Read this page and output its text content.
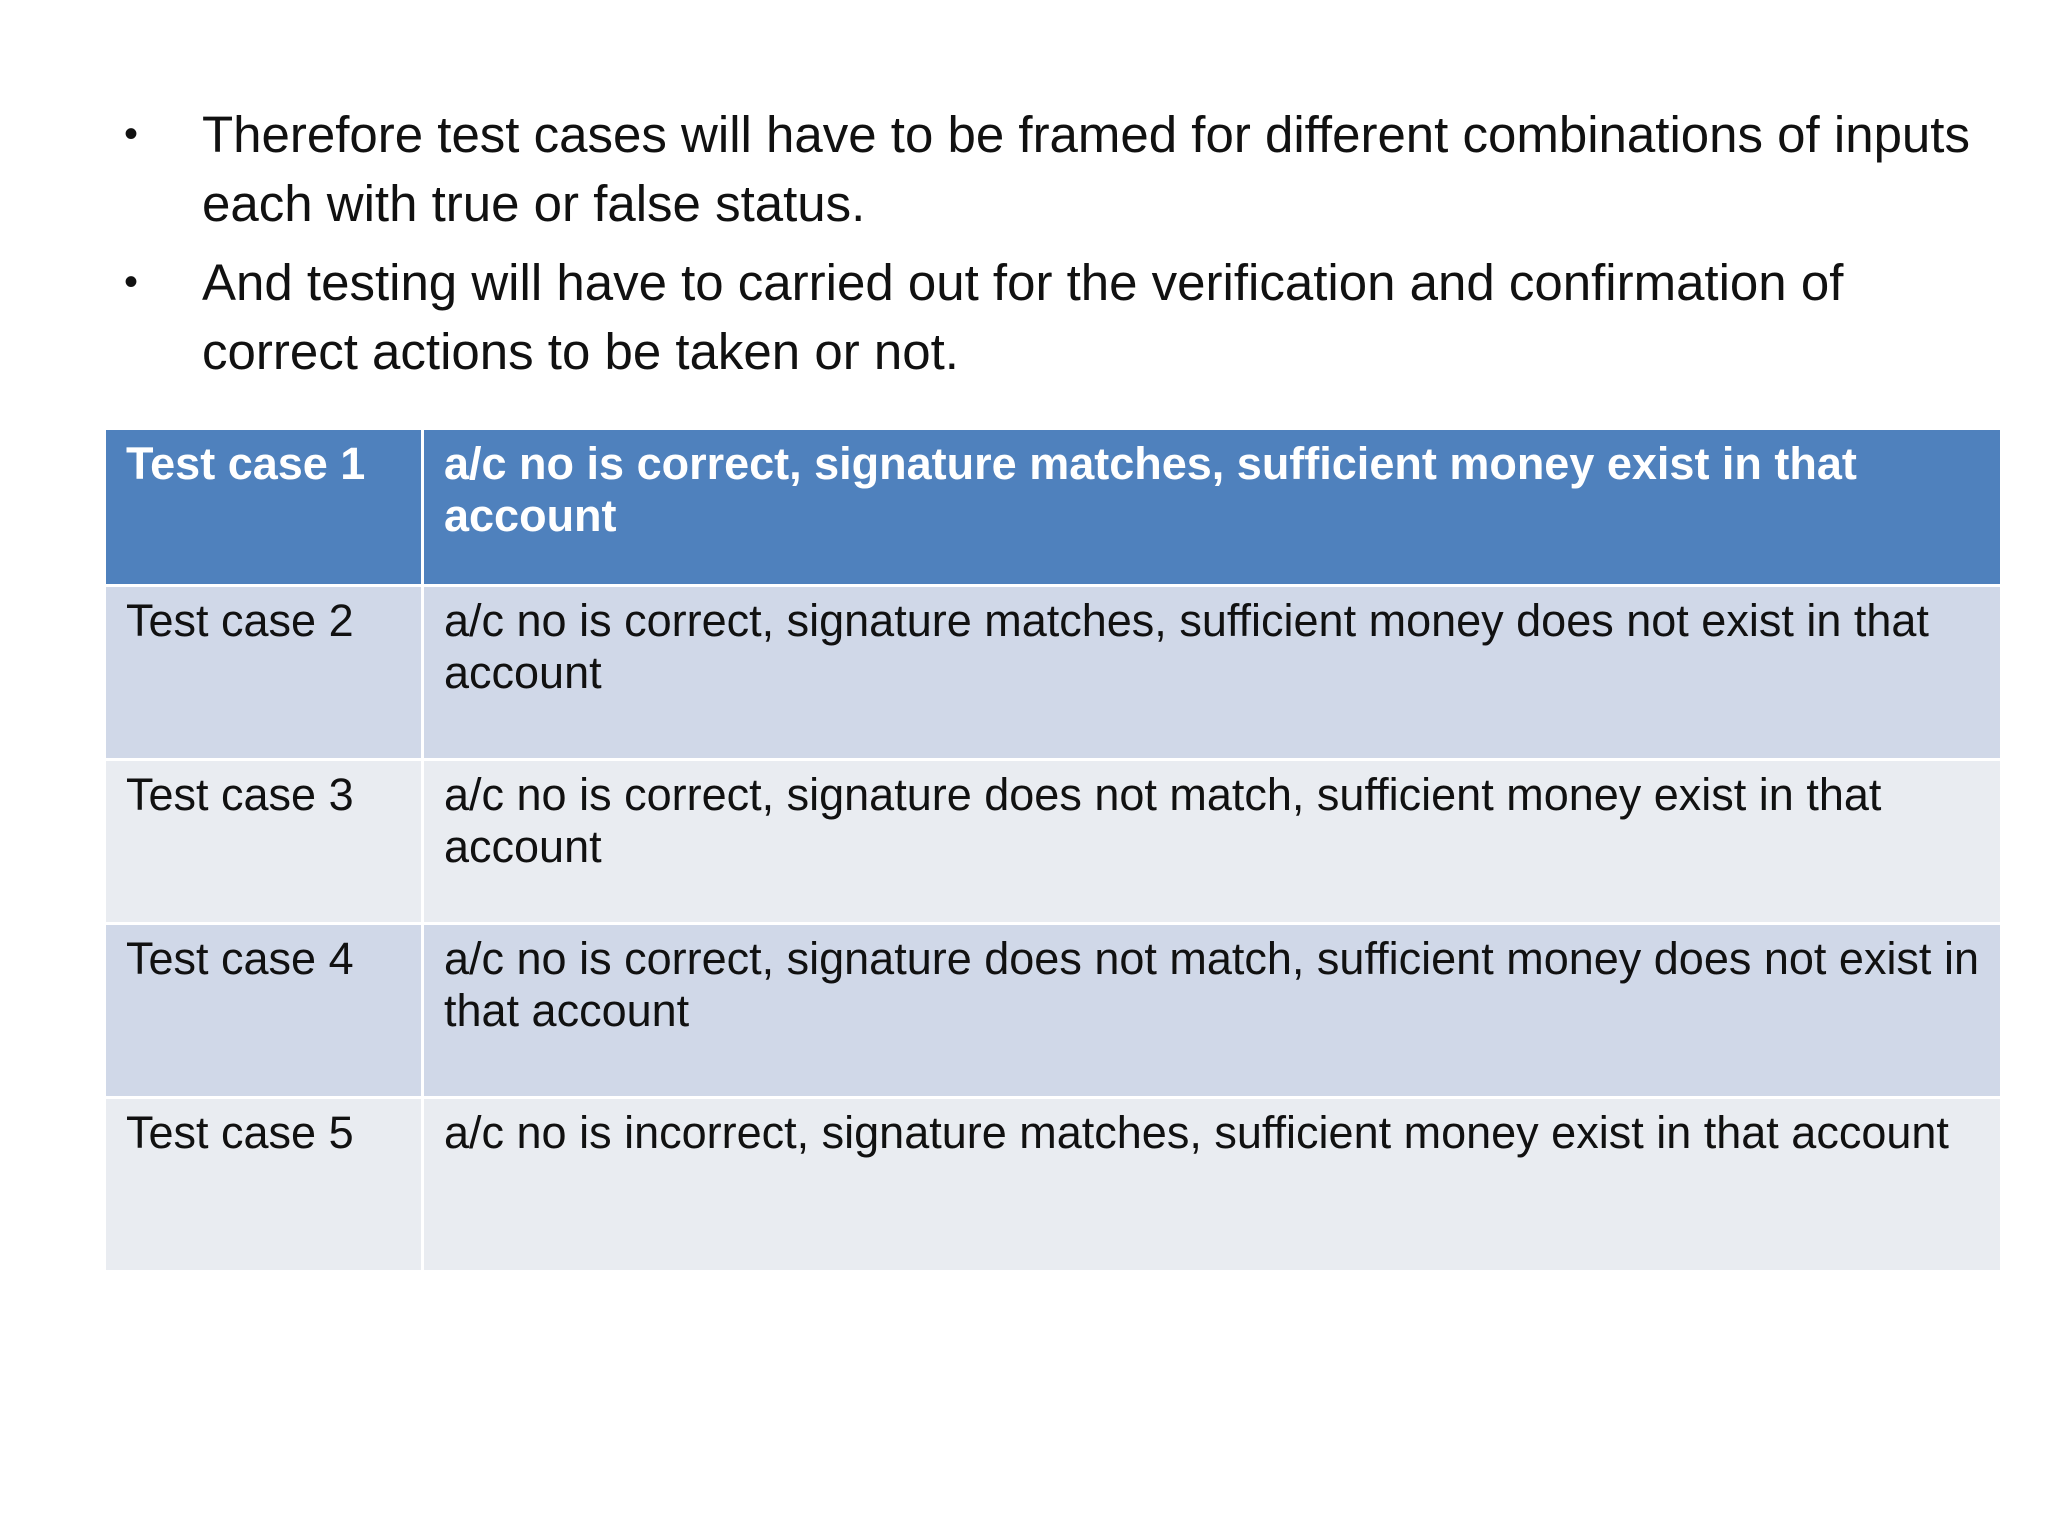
• Therefore test cases will have to be framed for different combinations of inputs each with true or false status.
• And testing will have to carried out for the verification and confirmation of correct actions to be taken or not.
Test case 1	a/c no is correct, signature matches, sufficient money exist in that account
Test case 2	a/c no is correct, signature matches, sufficient money does not exist in that account
Test case 3	a/c no is correct, signature does not match, sufficient money exist in that account
Test case 4	a/c no is correct, signature does not match, sufficient money does not exist in that account
Test case 5	a/c no is incorrect, signature matches, sufficient money exist in that account
